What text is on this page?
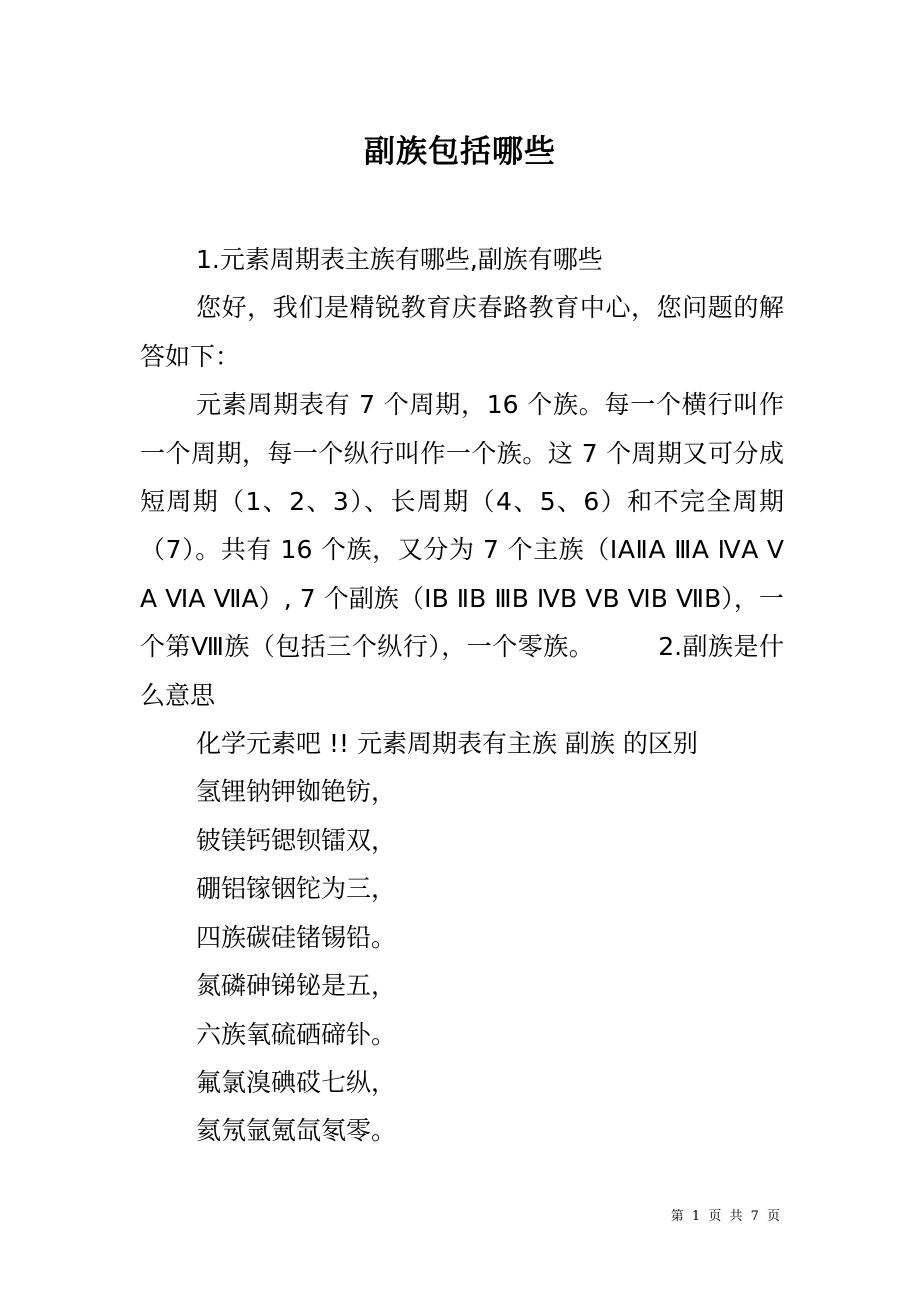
副族包括哪些

1.元素周期表主族有哪些,副族有哪些

您好，我们是精锐教育庆春路教育中心，您问题的解答如下：

元素周期表有 7 个周期，16 个族。每一个横行叫作一个周期，每一个纵行叫作一个族。这 7 个周期又可分成短周期（1、2、3）、长周期（4、5、6）和不完全周期（7）。共有 16 个族，又分为 7 个主族（ⅠAⅡA ⅢA ⅣA ⅤA ⅥA ⅦA）, 7 个副族（ⅠB ⅡB ⅢB ⅣB ⅤB ⅥB ⅦB），一个第Ⅷ族（包括三个纵行），一个零族。	2.副族是什么意思

化学元素吧 !! 元素周期表有主族 副族 的区别

氢锂钠钾铷铯钫，

铍镁钙锶钡镭双，

硼铝镓铟铊为三，

四族碳硅锗锡铅。

氮磷砷锑铋是五，

六族氧硫硒碲钋。

氟氯溴碘砹七纵，

氦氖氩氪氙氡零。

第 1 页 共 7 页
